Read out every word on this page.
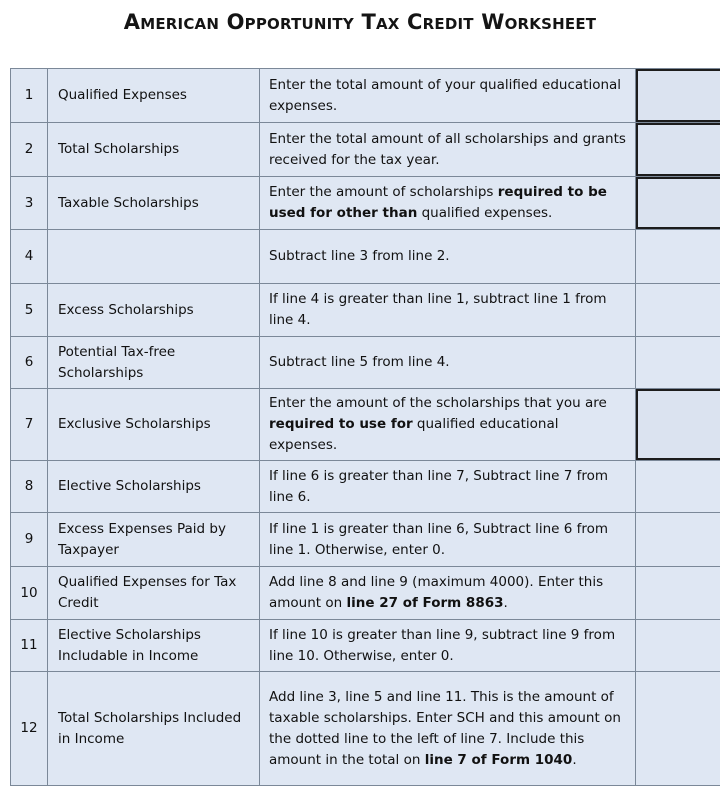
American Opportunity Tax Credit Worksheet
1	Qualified Expenses	Enter the total amount of your qualified educational expenses.	

2	Total Scholarships	Enter the total amount of all scholarships and grants received for the tax year.	

3	Taxable Scholarships	Enter the amount of scholarships required to be used for other than qualified expenses.	

4		Subtract line 3 from line 2.	
5	Excess Scholarships	If line 4 is greater than line 1, subtract line 1 from line 4.	
6	Potential Tax-free Scholarships	Subtract line 5 from line 4.	
7	Exclusive Scholarships	Enter the amount of the scholarships that you are required to use for qualified educational expenses.	

8	Elective Scholarships	If line 6 is greater than line 7, Subtract line 7 from line 6.	
9	Excess Expenses Paid by Taxpayer	If line 1 is greater than line 6, Subtract line 6 from line 1. Otherwise, enter 0.	
10	Qualified Expenses for Tax Credit	Add line 8 and line 9 (maximum 4000). Enter this amount on line 27 of Form 8863.	
11	Elective Scholarships Includable in Income	If line 10 is greater than line 9, subtract line 9 from line 10. Otherwise, enter 0.	
12	Total Scholarships Included in Income	Add line 3, line 5 and line 11. This is the amount of taxable scholarships. Enter SCH and this amount on the dotted line to the left of line 7. Include this amount in the total on line 7 of Form 1040.	
